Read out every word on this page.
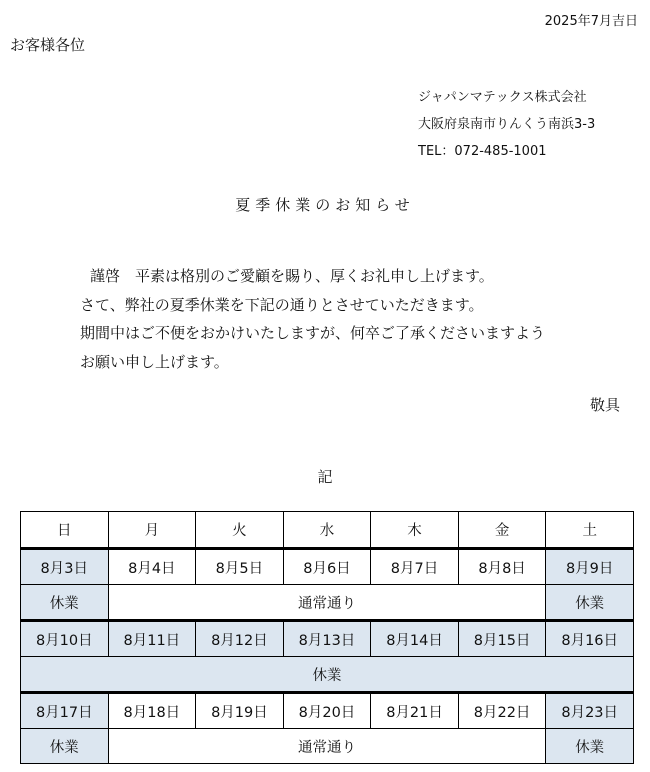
2025年7月吉日
お客様各位
ジャパンマテックス株式会社
大阪府泉南市りんくう南浜3-3
TEL：072-485-1001
夏季休業のお知らせ
謹啓　平素は格別のご愛顧を賜り、厚くお礼申し上げます。
さて、弊社の夏季休業を下記の通りとさせていただきます。
期間中はご不便をおかけいたしますが、何卒ご了承くださいますよう
お願い申し上げます。
敬具
記
日	月	火	水	木	金	土
8月3日	8月4日	8月5日	8月6日	8月7日	8月8日	8月9日
休業	通常通り					休業
8月10日	8月11日	8月12日	8月13日	8月14日	8月15日	8月16日
休業						
8月17日	8月18日	8月19日	8月20日	8月21日	8月22日	8月23日
休業	通常通り					休業
